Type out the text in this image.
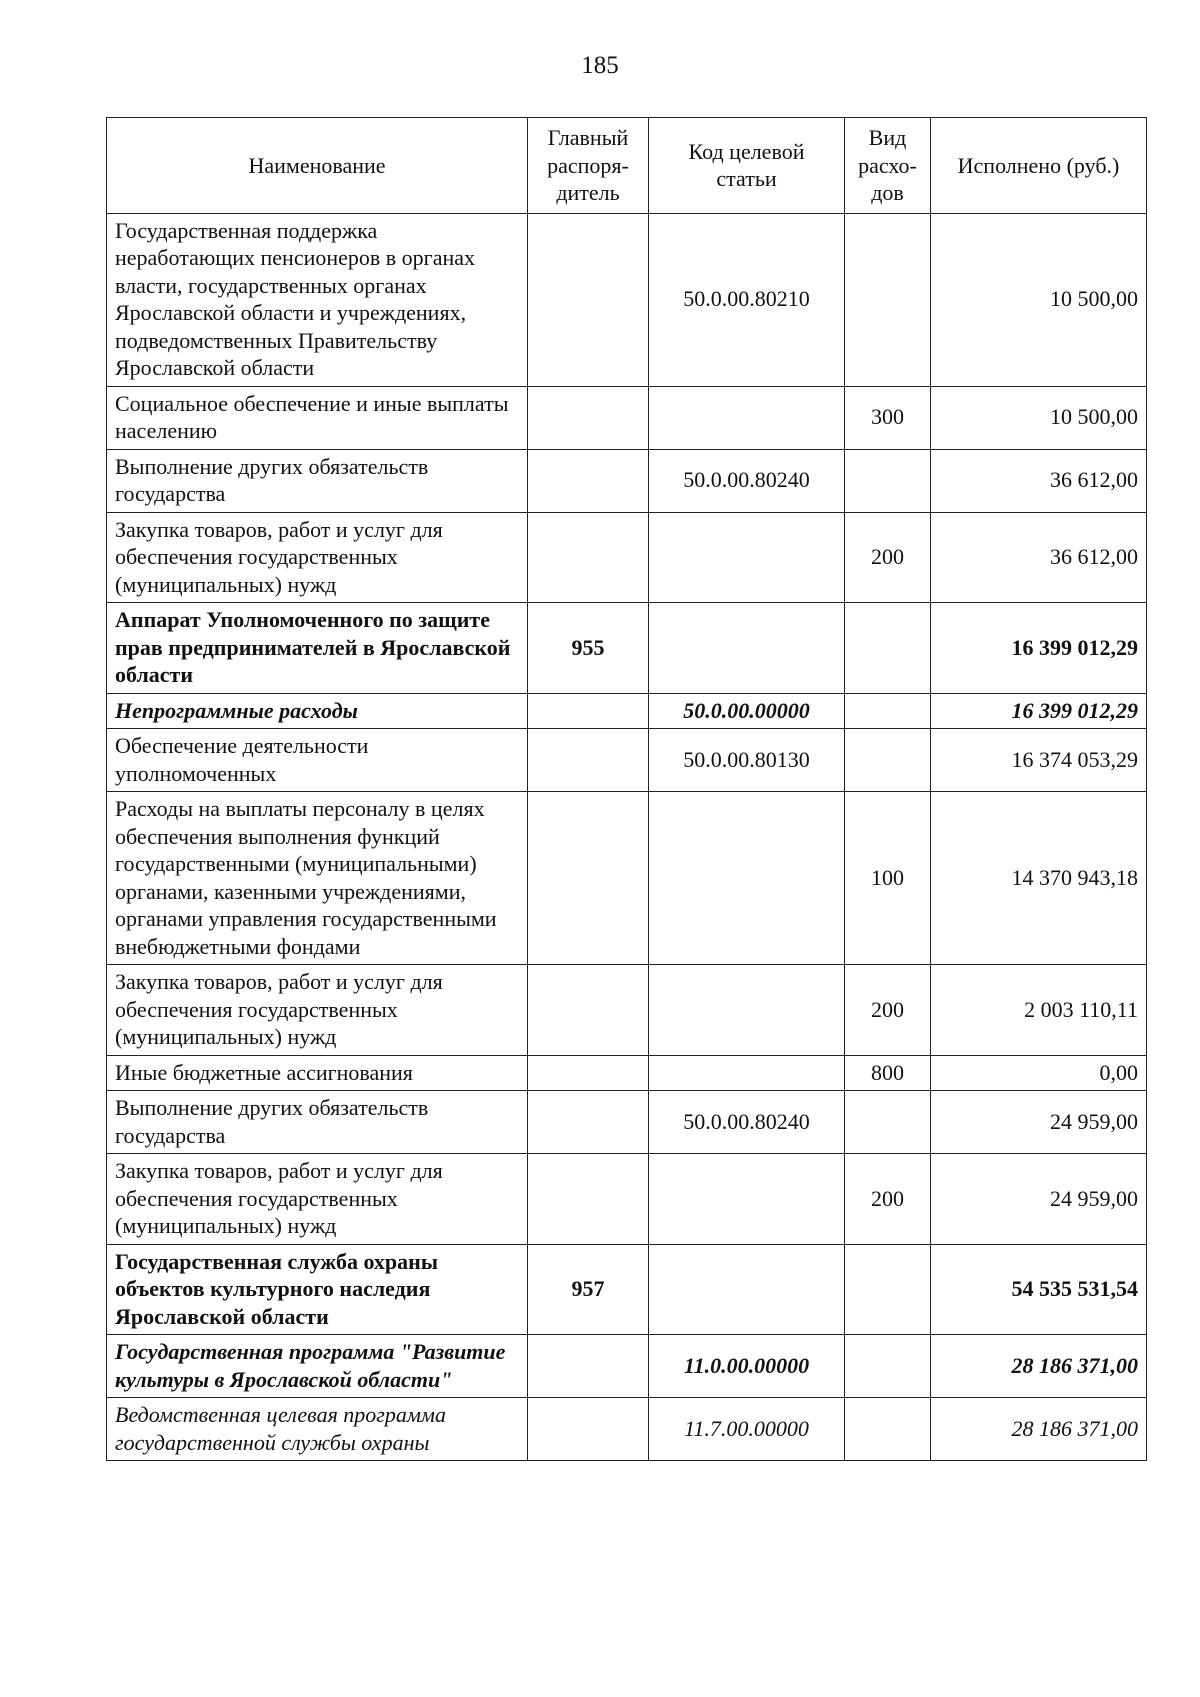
185
Наименование	Главный распоря-дитель	Код целевой статьи	Вид расхо-дов	Исполнено (руб.)
Государственная поддержка неработающих пенсионеров в органах власти, государственных органах Ярославской области и учреждениях, подведомственных Правительству Ярославской области		50.0.00.80210		10 500,00
Социальное обеспечение и иные выплаты населению			300	10 500,00
Выполнение других обязательств государства		50.0.00.80240		36 612,00
Закупка товаров, работ и услуг для обеспечения государственных (муниципальных) нужд			200	36 612,00
Аппарат Уполномоченного по защите прав предпринимателей в Ярославской области	955			16 399 012,29
Непрограммные расходы		50.0.00.00000		16 399 012,29
Обеспечение деятельности уполномоченных		50.0.00.80130		16 374 053,29
Расходы на выплаты персоналу в целях обеспечения выполнения функций государственными (муниципальными) органами, казенными учреждениями, органами управления государственными внебюджетными фондами			100	14 370 943,18
Закупка товаров, работ и услуг для обеспечения государственных (муниципальных) нужд			200	2 003 110,11
Иные бюджетные ассигнования			800	0,00
Выполнение других обязательств государства		50.0.00.80240		24 959,00
Закупка товаров, работ и услуг для обеспечения государственных (муниципальных) нужд			200	24 959,00
Государственная служба охраны объектов культурного наследия Ярославской области	957			54 535 531,54
Государственная программа "Развитие культуры в Ярославской области"		11.0.00.00000		28 186 371,00
Ведомственная целевая программа государственной службы охраны		11.7.00.00000		28 186 371,00
